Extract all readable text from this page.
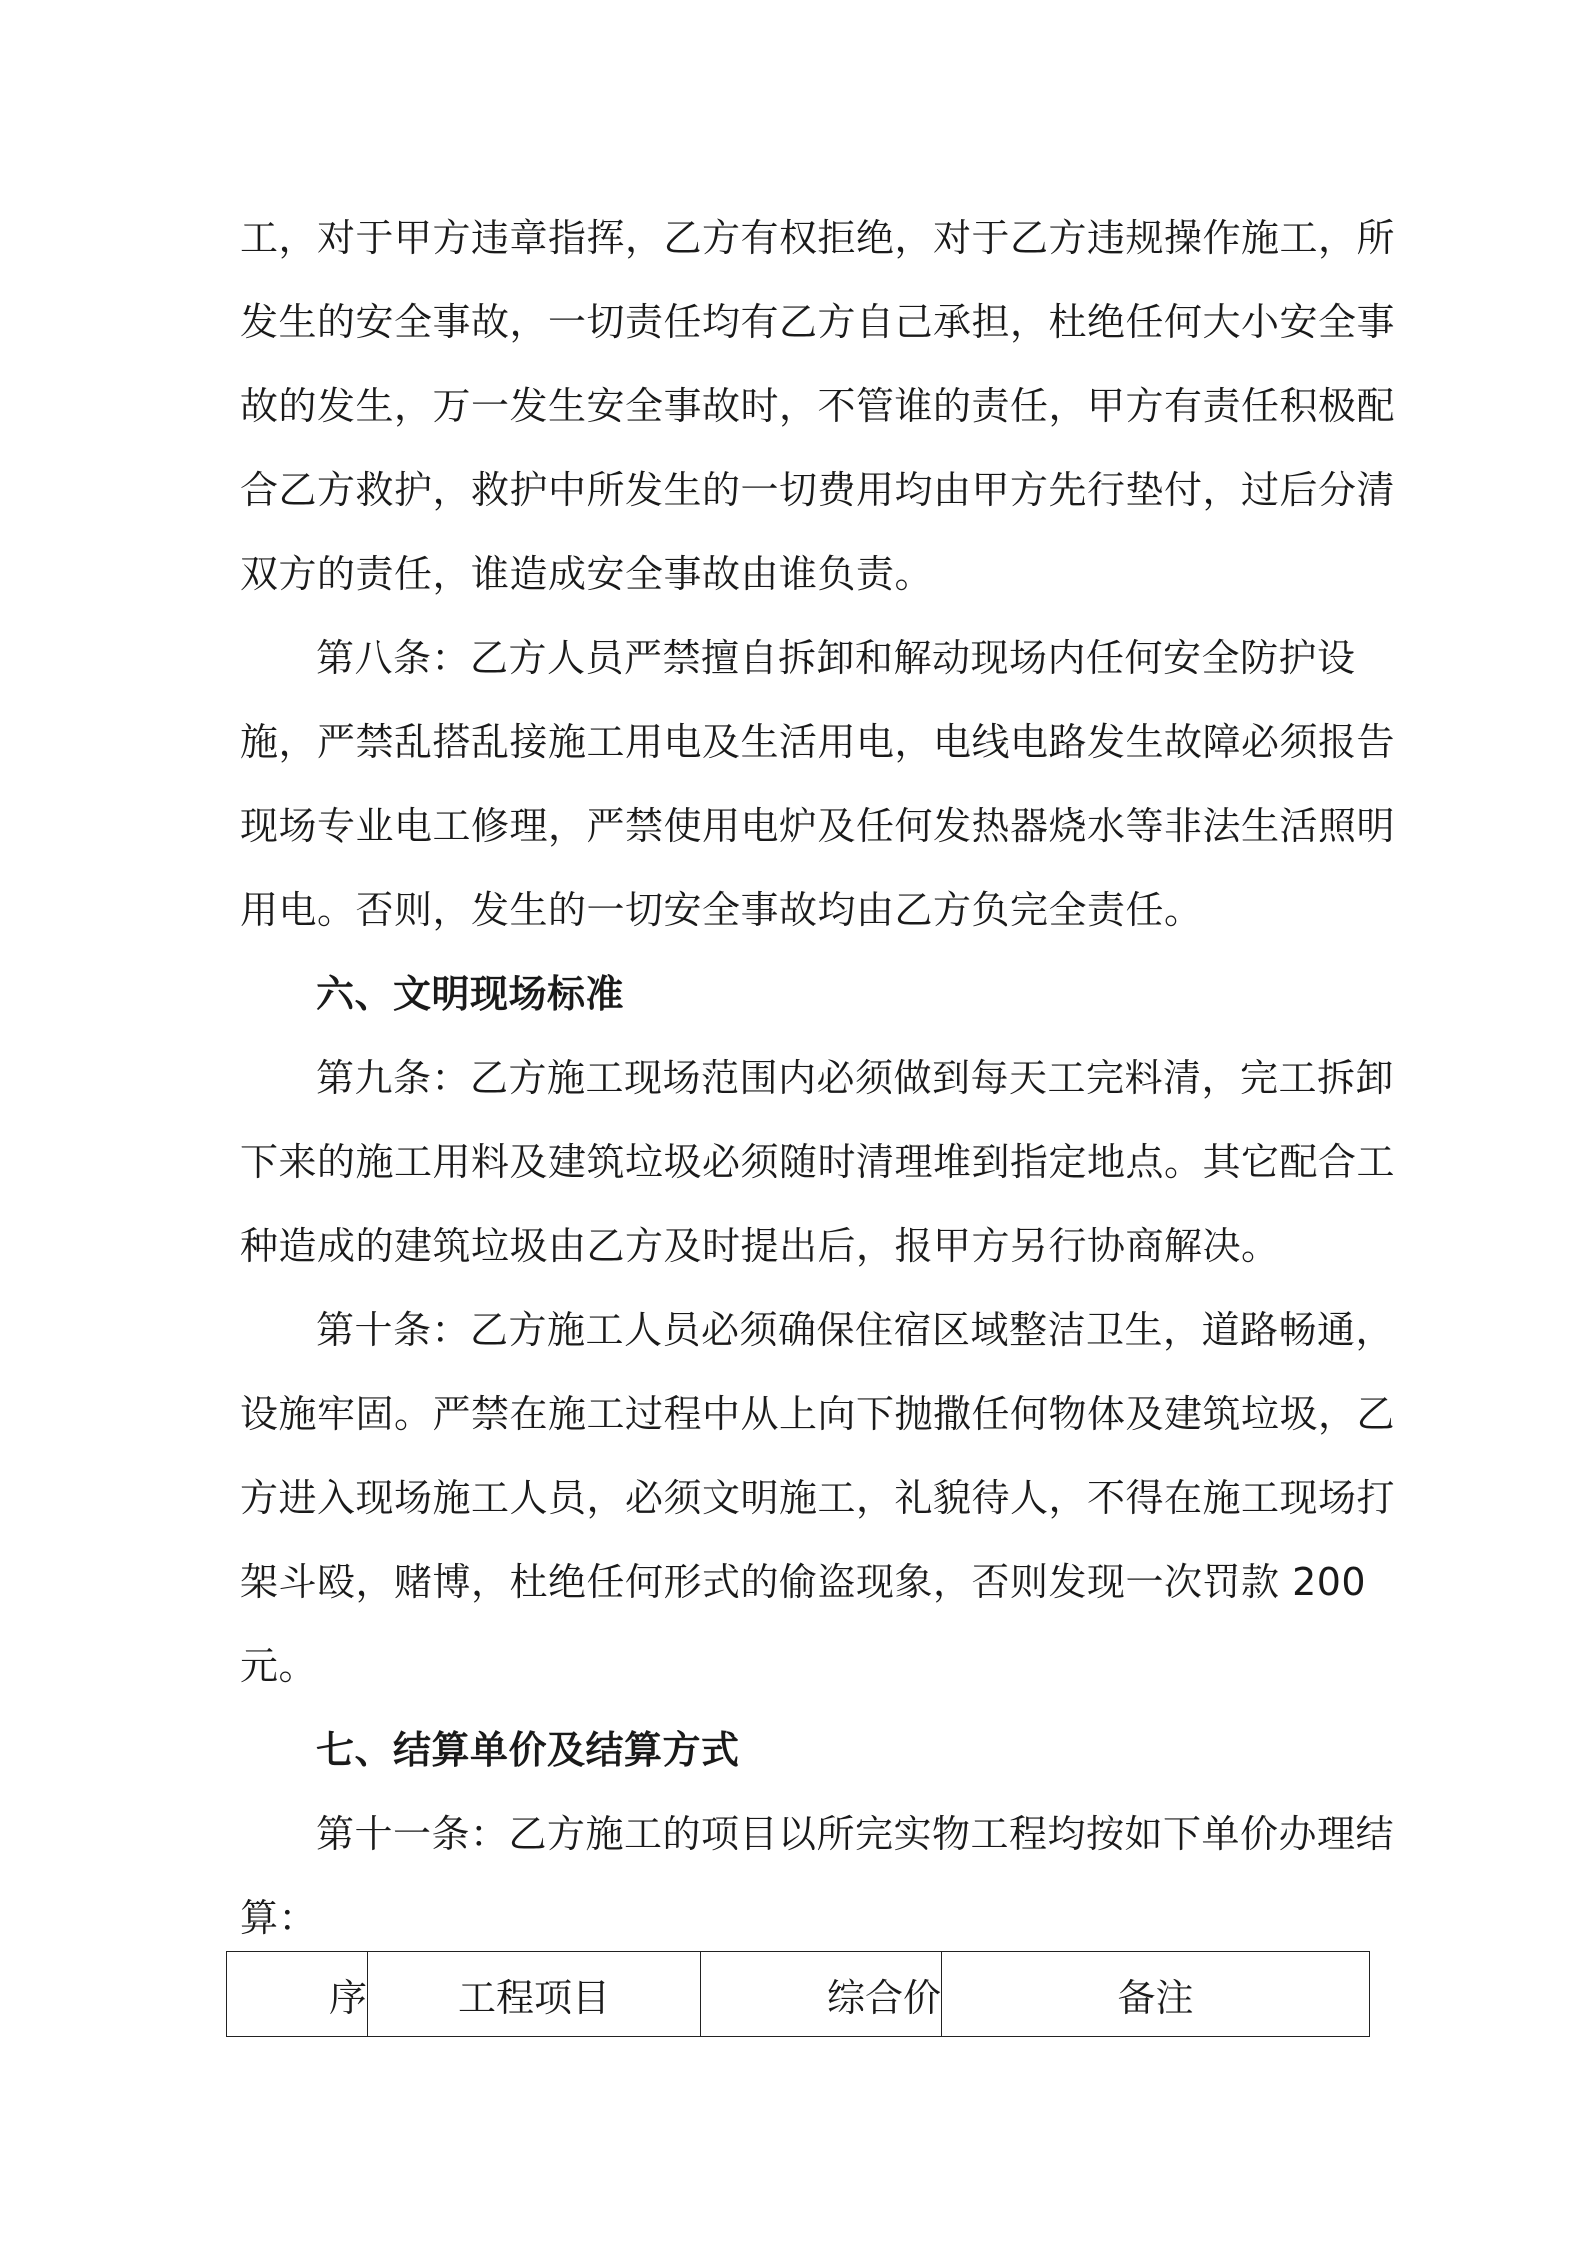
工，对于甲方违章指挥，乙方有权拒绝，对于乙方违规操作施工，所
发生的安全事故，一切责任均有乙方自己承担，杜绝任何大小安全事
故的发生，万一发生安全事故时，不管谁的责任，甲方有责任积极配
合乙方救护，救护中所发生的一切费用均由甲方先行垫付，过后分清
双方的责任，谁造成安全事故由谁负责。
第八条：乙方人员严禁擅自拆卸和解动现场内任何安全防护设
施，严禁乱搭乱接施工用电及生活用电，电线电路发生故障必须报告
现场专业电工修理，严禁使用电炉及任何发热器烧水等非法生活照明
用电。否则，发生的一切安全事故均由乙方负完全责任。
六、文明现场标准
第九条：乙方施工现场范围内必须做到每天工完料清，完工拆卸
下来的施工用料及建筑垃圾必须随时清理堆到指定地点。其它配合工
种造成的建筑垃圾由乙方及时提出后，报甲方另行协商解决。
第十条：乙方施工人员必须确保住宿区域整洁卫生，道路畅通，
设施牢固。严禁在施工过程中从上向下抛撒任何物体及建筑垃圾，乙
方进入现场施工人员，必须文明施工，礼貌待人，不得在施工现场打
架斗殴，赌博，杜绝任何形式的偷盗现象，否则发现一次罚款 200
元。
七、结算单价及结算方式
第十一条：乙方施工的项目以所完实物工程均按如下单价办理结
算：
序	工程项目	综合价	备注
